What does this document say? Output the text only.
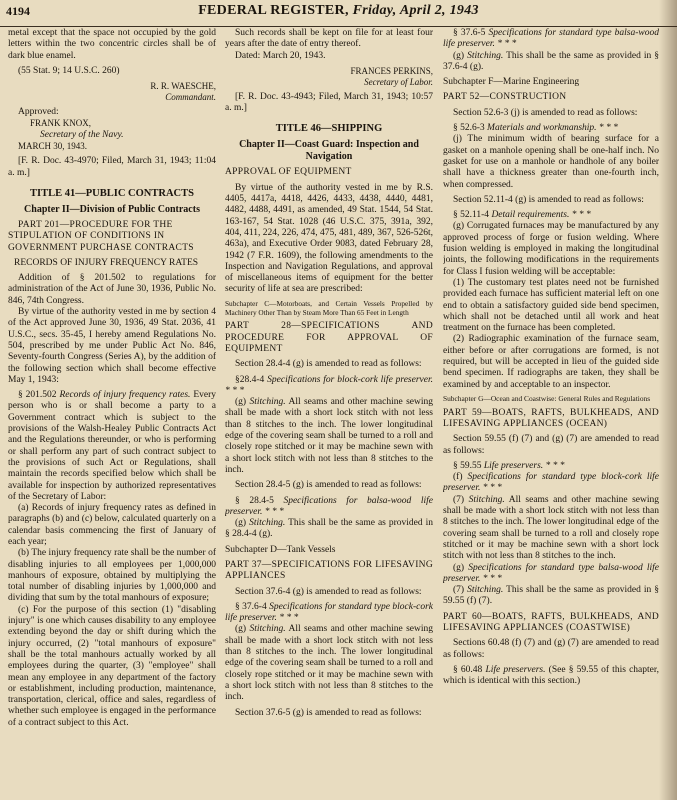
4194	FEDERAL REGISTER, Friday, April 2, 1943

metal except that the space not occupied by the gold letters within the two concentric circles shall be of dark blue enamel.

(55 Stat. 9; 14 U.S.C. 260)

R. R. WAESCHE,
Commandant.

Approved:

FRANK KNOX,

Secretary of the Navy.

MARCH 30, 1943.

[F. R. Doc. 43-4970; Filed, March 31, 1943; 11:04 a. m.]

TITLE 41—PUBLIC CONTRACTS
Chapter II—Division of Public Contracts

PART 201—PROCEDURE FOR THE STIPULATION OF CONDITIONS IN GOVERNMENT PURCHASE CONTRACTS

RECORDS OF INJURY FREQUENCY RATES

Addition of § 201.502 to regulations for administration of the Act of June 30, 1936, Public No. 846, 74th Congress.

By virtue of the authority vested in me by section 4 of the Act approved June 30, 1936, 49 Stat. 2036, 41 U.S.C., secs. 35-45, I hereby amend Regulations No. 504, prescribed by me under Public Act No. 846, Seventy-fourth Congress (Series A), by the addition of the following section which shall become effective May 1, 1943:

§ 201.502 Records of injury frequency rates. Every person who is or shall become a party to a Government contract which is subject to the provisions of the Walsh-Healey Public Contracts Act and the Regulations thereunder, or who is performing or shall perform any part of such contract subject to the provisions of such Act or Regulations, shall maintain the records specified below which shall be available for inspection by authorized representatives of the Secretary of Labor:

(a) Records of injury frequency rates as defined in paragraphs (b) and (c) below, calculated quarterly on a calendar basis commencing the first of January of each year;

(b) The injury frequency rate shall be the number of disabling injuries to all employees per 1,000,000 manhours of exposure, obtained by multiplying the total number of disabling injuries by 1,000,000 and dividing that sum by the total manhours of exposure;

(c) For the purpose of this section (1) "disabling injury" is one which causes disability to any employee extending beyond the day or shift during which the injury occurred, (2) "total manhours of exposure" shall be the total manhours actually worked by all employees during the quarter, (3) "employee" shall mean any employee in any department of the factory or establishment, including production, maintenance, transportation, clerical, office and sales, regardless of whether such employee is engaged in the performance of a contract subject to this Act.

Such records shall be kept on file for at least four years after the date of entry thereof.

Dated: March 20, 1943.

FRANCES PERKINS,
Secretary of Labor.

[F. R. Doc. 43-4943; Filed, March 31, 1943; 10:57 a. m.]

TITLE 46—SHIPPING
Chapter II—Coast Guard: Inspection and Navigation

APPROVAL OF EQUIPMENT

By virtue of the authority vested in me by R.S. 4405, 4417a, 4418, 4426, 4433, 4438, 4440, 4481, 4482, 4488, 4491, as amended, 49 Stat. 1544, 54 Stat. 163-167, 54 Stat. 1028 (46 U.S.C. 375, 391a, 392, 404, 411, 224, 226, 474, 475, 481, 489, 367, 526-526t, 463a), and Executive Order 9083, dated February 28, 1942 (7 F.R. 1609), the following amendments to the Inspection and Navigation Regulations, and approval of miscellaneous items of equipment for the better security of life at sea are prescribed:

Subchapter C—Motorboats, and Certain Vessels Propelled by Machinery Other Than by Steam More Than 65 Feet in Length

PART 28—SPECIFICATIONS AND PROCEDURE FOR APPROVAL OF EQUIPMENT

Section 28.4-4 (g) is amended to read as follows:

§28.4-4 Specifications for block-cork life preserver. * * *

(g) Stitching. All seams and other machine sewing shall be made with a short lock stitch with not less than 8 stitches to the inch. The lower longitudinal edge of the covering seam shall be turned to a roll and closely rope stitched or it may be machine sewn with a short lock stitch with not less than 8 stitches to the inch.

Section 28.4-5 (g) is amended to read as follows:

§ 28.4-5 Specifications for balsa-wood life preserver. * * *

(g) Stitching. This shall be the same as provided in § 28.4-4 (g).

Subchapter D—Tank Vessels

PART 37—SPECIFICATIONS FOR LIFESAVING APPLIANCES

Section 37.6-4 (g) is amended to read as follows:

§ 37.6-4 Specifications for standard type block-cork life preserver. * * *

(g) Stitching. All seams and other machine sewing shall be made with a short lock stitch with not less than 8 stitches to the inch. The lower longitudinal edge of the covering seam shall be turned to a roll and closely rope stitched or it may be machine sewn with a short lock stitch with not less than 8 stitches to the inch.

Section 37.6-5 (g) is amended to read as follows:

§ 37.6-5 Specifications for standard type balsa-wood life preserver. * * *

(g) Stitching. This shall be the same as provided in § 37.6-4 (g).

Subchapter F—Marine Engineering

PART 52—CONSTRUCTION

Section 52.6-3 (j) is amended to read as follows:

§ 52.6-3 Materials and workmanship. * * *

(j) The minimum width of bearing surface for a gasket on a manhole opening shall be one-half inch. No gasket for use on a manhole or handhole of any boiler shall have a thickness greater than one-fourth inch, when compressed.

Section 52.11-4 (g) is amended to read as follows:

§ 52.11-4 Detail requirements. * * *

(g) Corrugated furnaces may be manufactured by any approved process of forge or fusion welding. Where fusion welding is employed in making the longitudinal joints, the following modifications in the requirements for Class I fusion welding will be acceptable:

(1) The customary test plates need not be furnished provided each furnace has sufficient material left on one end to obtain a satisfactory guided side bend specimen, which shall not be detached until all work and heat treatment on the furnace has been completed.

(2) Radiographic examination of the furnace seam, either before or after corrugations are formed, is not required, but will be accepted in lieu of the guided side bend specimen. If radiographs are taken, they shall be examined by and acceptable to an inspector.

Subchapter G—Ocean and Coastwise: General Rules and Regulations

PART 59—BOATS, RAFTS, BULKHEADS, AND LIFESAVING APPLIANCES (OCEAN)

Section 59.55 (f) (7) and (g) (7) are amended to read as follows:

§ 59.55 Life preservers. * * *

(f) Specifications for standard type block-cork life preserver. * * *

(7) Stitching. All seams and other machine sewing shall be made with a short lock stitch with not less than 8 stitches to the inch. The lower longitudinal edge of the covering seam shall be turned to a roll and closely rope stitched or it may be machine sewn with a short lock stitch with not less than 8 stitches to the inch.

(g) Specifications for standard type balsa-wood life preserver. * * *

(7) Stitching. This shall be the same as provided in § 59.55 (f) (7).

PART 60—BOATS, RAFTS, BULKHEADS, AND LIFESAVING APPLIANCES (COASTWISE)

Sections 60.48 (f) (7) and (g) (7) are amended to read as follows:

§ 60.48 Life preservers. (See § 59.55 of this chapter, which is identical with this section.)
